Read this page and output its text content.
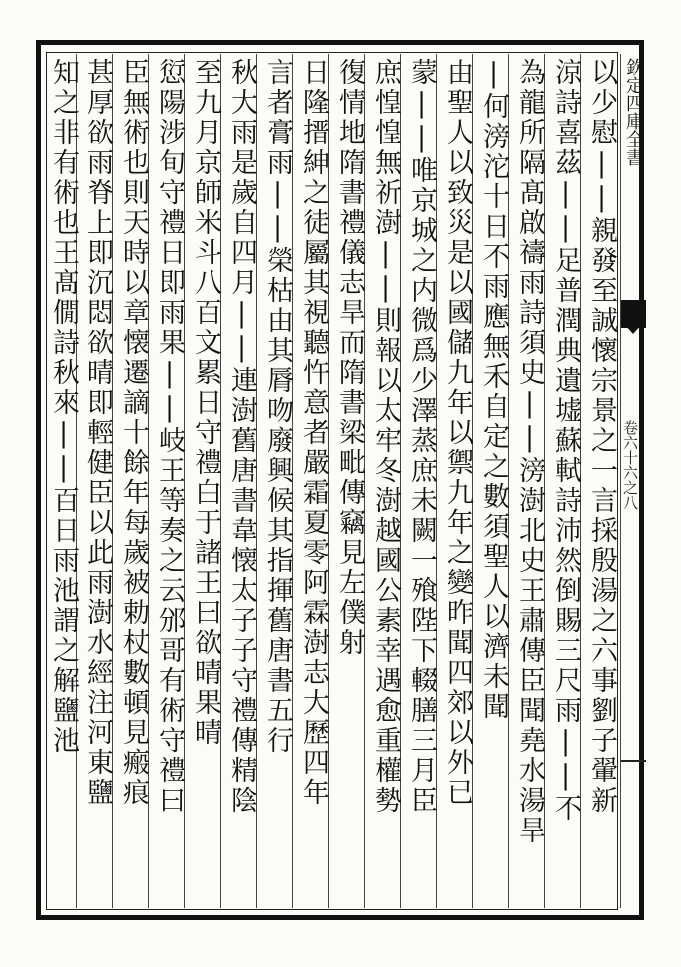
欽定四庫全書
卷六十六之八
以少慰||親發至誠懷宗景之一言採殷湯之六事劉子翬新
涼詩喜茲||足普潤典遺墟蘇軾詩沛然倒賜三尺雨||不
為龍所隔髙啟禱雨詩須史||滂澍北史王肅傳臣聞堯水湯旱
|何滂沱十日不雨應無禾自定之數須聖人以濟未聞
由聖人以致災是以國儲九年以禦九年之變昨聞四郊以外已
蒙||唯京城之内微爲少澤蒸庶未闕一飱陛下輟膳三月臣
庶惶惶無祈澍||則報以太牢冬澍越國公素幸遇愈重權勢
復情地隋書禮儀志旱而隋書梁毗傳竊見左僕射
日隆搢紳之徒屬其視聽忤意者嚴霜夏零阿霖澍志大歷四年
言者膏雨||榮枯由其脣吻廢興候其指揮舊唐書五行
秋大雨是歲自四月||連澍舊唐書韋懐太子子守禮傳精陰
至九月京師米斗八百文累日守禮白于諸王曰欲晴果晴
愆陽涉旬守禮日即雨果||岐王等奏之云邠哥有術守禮曰
臣無術也則天時以章懐遷謫十餘年每歲被勅杖數頓見瘢痕
甚厚欲雨脊上即沉悶欲晴即輕健臣以此雨澍水經注河東鹽
知之非有術也王髙僩詩秋來||百日雨池謂之解鹽池
